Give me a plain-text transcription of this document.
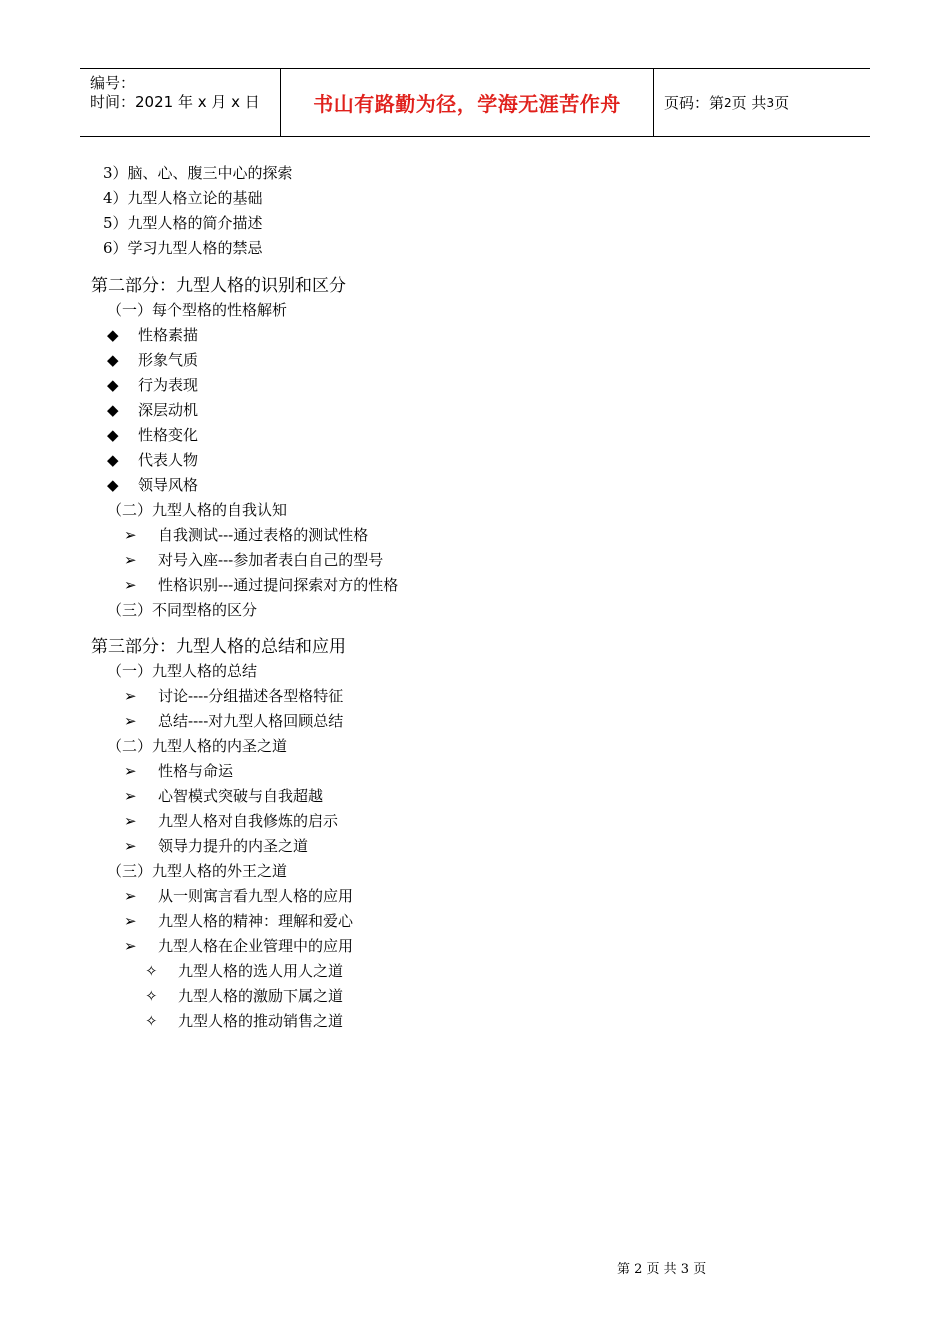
编号：
时间：2021 年 x 月 x 日	书山有路勤为径，学海无涯苦作舟	页码：第 2 页 共 3 页
3）脑、心、腹三中心的探索
4）九型人格立论的基础
5）九型人格的简介描述
6）学习九型人格的禁忌
第二部分：九型人格的识别和区分
（一）每个型格的性格解析
◆ 性格素描
◆ 形象气质
◆ 行为表现
◆ 深层动机
◆ 性格变化
◆ 代表人物
◆ 领导风格
（二）九型人格的自我认知
➢ 自我测试---通过表格的测试性格
➢ 对号入座---参加者表白自己的型号
➢ 性格识别---通过提问探索对方的性格
（三）不同型格的区分
第三部分：九型人格的总结和应用
（一）九型人格的总结
➢ 讨论----分组描述各型格特征
➢ 总结----对九型人格回顾总结
（二）九型人格的内圣之道
➢ 性格与命运
➢ 心智模式突破与自我超越
➢ 九型人格对自我修炼的启示
➢ 领导力提升的内圣之道
（三）九型人格的外王之道
➢ 从一则寓言看九型人格的应用
➢ 九型人格的精神：理解和爱心
➢ 九型人格在企业管理中的应用
✧ 九型人格的选人用人之道
✧ 九型人格的激励下属之道
✧ 九型人格的推动销售之道
第 2 页 共 3 页
